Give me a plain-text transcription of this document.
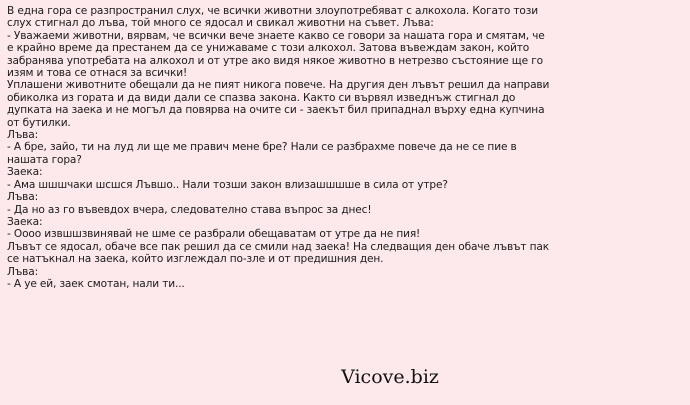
В една гора се разпространил слух, че всички животни злоупотребяват с алкохола. Когато този

слух стигнал до лъва, той много се ядосал и свикал животни на съвет. Лъва:

- Уважаеми животни, вярвам, че всички вече знаете какво се говори за нашата гора и смятам, че

е крайно време да престанем да се унижаваме с този алкохол. Затова въвеждам закон, който

забранява употребата на алкохол и от утре ако видя някое животно в нетрезво състояние ще го

изям и това се отнася за всички!

Уплашени животните обещали да не пият никога повече. На другия ден лъвът решил да направи

обиколка из гората и да види дали се спазва закона. Както си вървял изведнъж стигнал до

дупката на заека и не могъл да повярва на очите си - заекът бил припаднал върху една купчина

от бутилки.

Лъва:

- А бре, зайо, ти на луд ли ще ме правич мене бре? Нали се разбрахме повече да не се пие в

нашата гора?

Заека:

- Ама шшшчаки шсшся Лъвшо.. Нали тозши закон влизашшшше в сила от утре?

Лъва:

- Да но аз го въвевдох вчера, следователно става въпрос за днес!

Заека:

- Оооо извшшзвинявай не шме се разбрали обещаватам от утре да не пия!

Лъвът се ядосал, обаче все пак решил да се смили над заека! На следващия ден обаче лъвът пак

се натъкнал на заека, който изглеждал по-зле и от предишния ден.

Лъва:

- А уе ей, заек смотан, нали ти...

Vicove.biz
